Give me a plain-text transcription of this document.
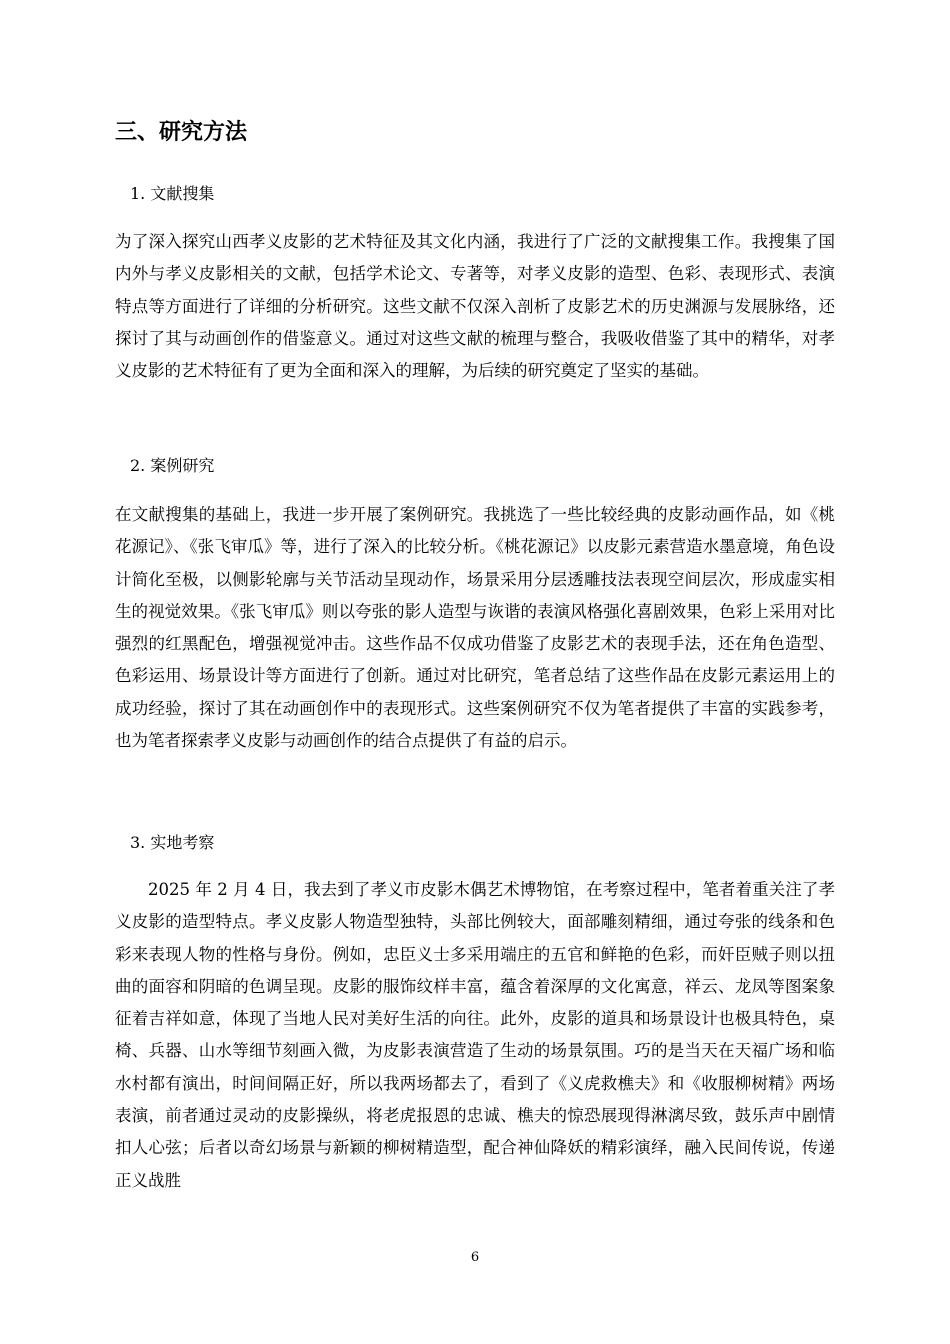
三、研究方法
1. 文献搜集

为了深入探究山西孝义皮影的艺术特征及其文化内涵，我进行了广泛的文献搜集工作。我搜集了国内外与孝义皮影相关的文献，包括学术论文、专著等，对孝义皮影的造型、色彩、表现形式、表演特点等方面进行了详细的分析研究。这些文献不仅深入剖析了皮影艺术的历史渊源与发展脉络，还探讨了其与动画创作的借鉴意义。通过对这些文献的梳理与整合，我吸收借鉴了其中的精华，对孝义皮影的艺术特征有了更为全面和深入的理解，为后续的研究奠定了坚实的基础。

2. 案例研究

在文献搜集的基础上，我进一步开展了案例研究。我挑选了一些比较经典的皮影动画作品，如《桃花源记》、《张飞审瓜》等，进行了深入的比较分析。《桃花源记》以皮影元素营造水墨意境，角色设计简化至极，以侧影轮廓与关节活动呈现动作，场景采用分层透雕技法表现空间层次，形成虚实相生的视觉效果。《张飞审瓜》则以夸张的影人造型与诙谐的表演风格强化喜剧效果，色彩上采用对比强烈的红黑配色，增强视觉冲击。这些作品不仅成功借鉴了皮影艺术的表现手法，还在角色造型、色彩运用、场景设计等方面进行了创新。通过对比研究，笔者总结了这些作品在皮影元素运用上的成功经验，探讨了其在动画创作中的表现形式。这些案例研究不仅为笔者提供了丰富的实践参考，也为笔者探索孝义皮影与动画创作的结合点提供了有益的启示。

3. 实地考察

2025 年 2 月 4 日，我去到了孝义市皮影木偶艺术博物馆，在考察过程中，笔者着重关注了孝义皮影的造型特点。孝义皮影人物造型独特，头部比例较大，面部雕刻精细，通过夸张的线条和色彩来表现人物的性格与身份。例如，忠臣义士多采用端庄的五官和鲜艳的色彩，而奸臣贼子则以扭曲的面容和阴暗的色调呈现。皮影的服饰纹样丰富，蕴含着深厚的文化寓意，祥云、龙凤等图案象征着吉祥如意，体现了当地人民对美好生活的向往。此外，皮影的道具和场景设计也极具特色，桌椅、兵器、山水等细节刻画入微，为皮影表演营造了生动的场景氛围。巧的是当天在天福广场和临水村都有演出，时间间隔正好，所以我两场都去了，看到了《义虎救樵夫》和《收服柳树精》两场表演，前者通过灵动的皮影操纵，将老虎报恩的忠诚、樵夫的惊恐展现得淋漓尽致，鼓乐声中剧情扣人心弦；后者以奇幻场景与新颖的柳树精造型，配合神仙降妖的精彩演绎，融入民间传说，传递正义战胜

6
